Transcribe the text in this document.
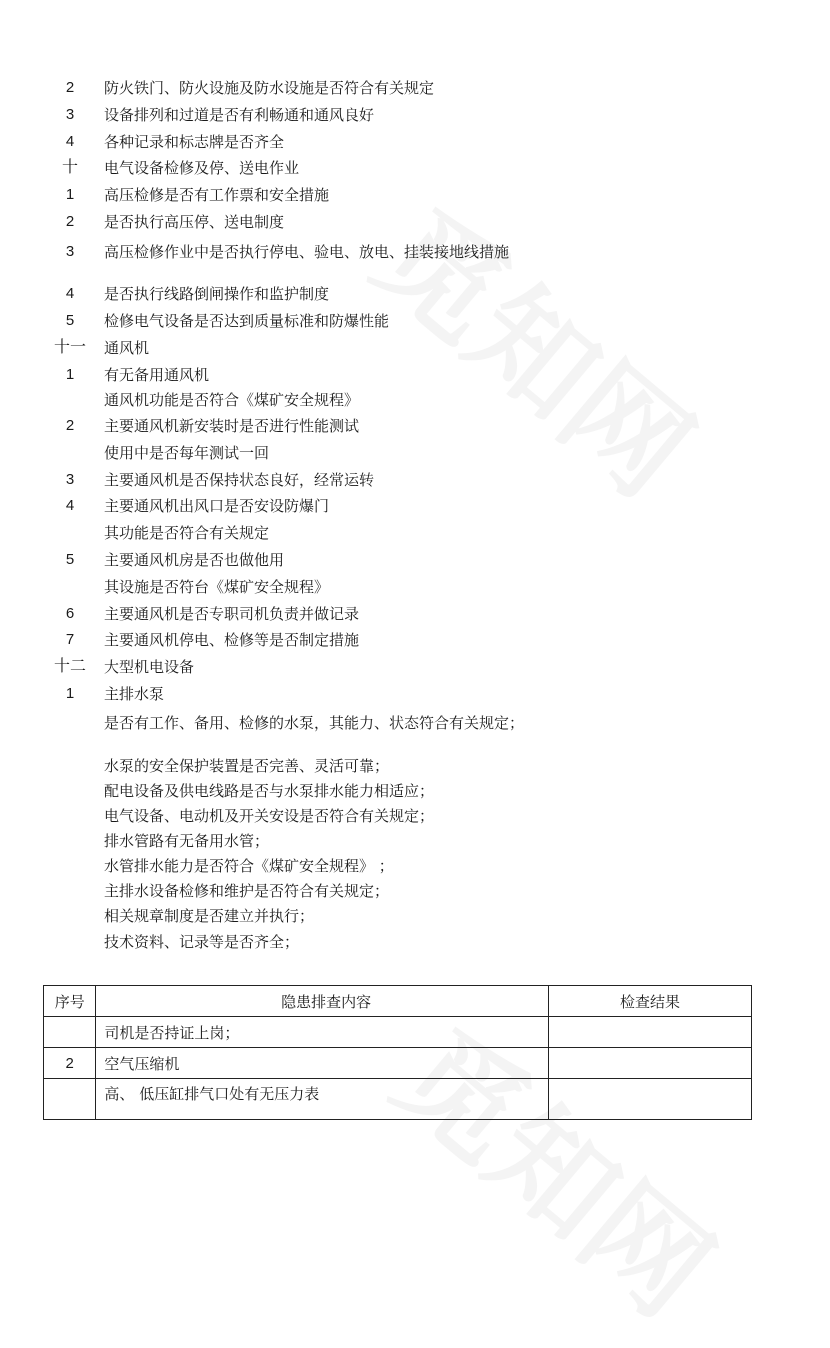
2	防火铁门、防火设施及防水设施是否符合有关规定
3	设备排列和过道是否有利畅通和通风良好
4	各种记录和标志牌是否齐全
十	电气设备检修及停、送电作业
1	高压检修是否有工作票和安全措施
2	是否执行高压停、送电制度
3	高压检修作业中是否执行停电、验电、放电、挂装接地线措施
4	是否执行线路倒闸操作和监护制度
5	检修电气设备是否达到质量标准和防爆性能
十一	通风机
1	有无备用通风机
通风机功能是否符合《煤矿安全规程》
2	主要通风机新安装时是否进行性能测试
使用中是否每年测试一回
3	主要通风机是否保持状态良好，经常运转
4	主要通风机出风口是否安设防爆门
其功能是否符合有关规定
5	主要通风机房是否也做他用
其设施是否符台《煤矿安全规程》
6	主要通风机是否专职司机负责并做记录
7	主要通风机停电、检修等是否制定措施
十二	大型机电设备
1	主排水泵
是否有工作、备用、检修的水泵，其能力、状态符合有关规定；
水泵的安全保护装置是否完善、灵活可靠；
配电设备及供电线路是否与水泵排水能力相适应；
电气设备、电动机及开关安设是否符合有关规定；
排水管路有无备用水管；
水管排水能力是否符合《煤矿安全规程》 ；
主排水设备检修和维护是否符合有关规定；
相关规章制度是否建立并执行；
技术资料、记录等是否齐全；
序号	隐患排查内容	检查结果
	司机是否持证上岗；	
2	空气压缩机	
	高、 低压缸排气口处有无压力表	
